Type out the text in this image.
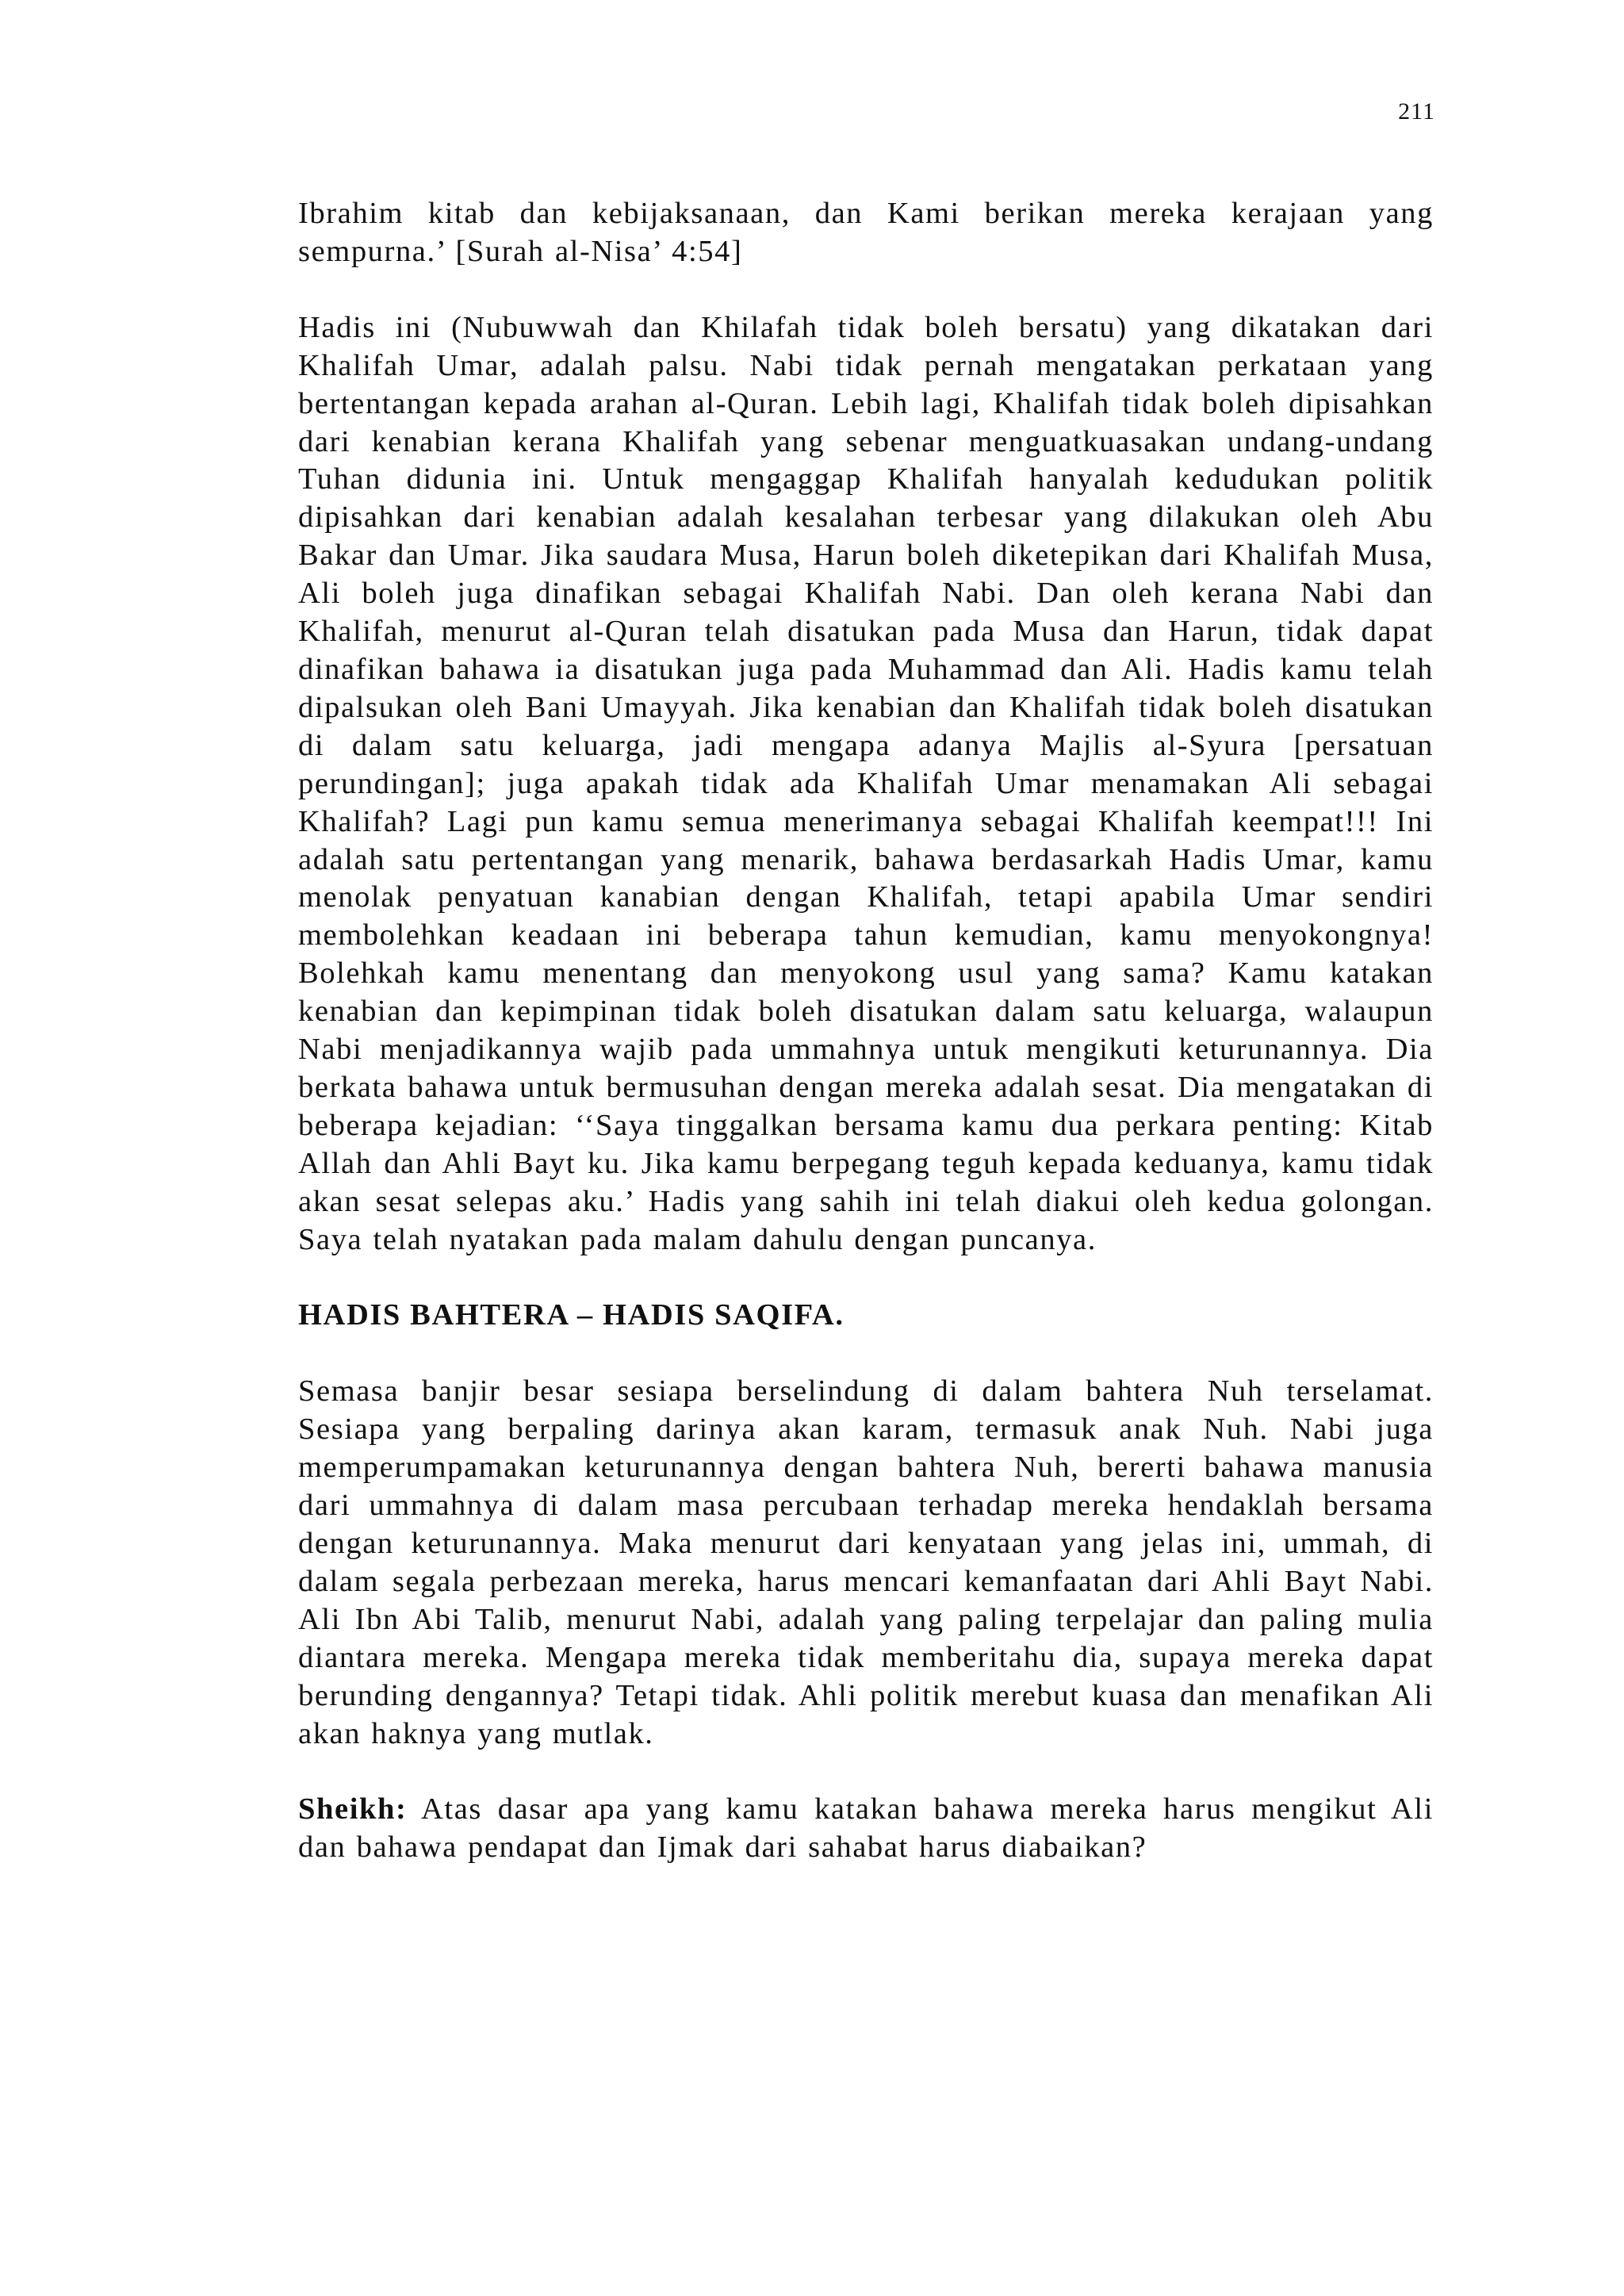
211

Ibrahim kitab dan kebijaksanaan, dan Kami berikan mereka kerajaan yang sempurna.’ [Surah al-Nisa’ 4:54]

Hadis ini (Nubuwwah dan Khilafah tidak boleh bersatu) yang dikatakan dari Khalifah Umar, adalah palsu. Nabi tidak pernah mengatakan perkataan yang bertentangan kepada arahan al-Quran. Lebih lagi, Khalifah tidak boleh dipisahkan dari kenabian kerana Khalifah yang sebenar menguatkuasakan undang-undang Tuhan didunia ini. Untuk mengaggap Khalifah hanyalah kedudukan politik dipisahkan dari kenabian adalah kesalahan terbesar yang dilakukan oleh Abu Bakar dan Umar. Jika saudara Musa, Harun boleh diketepikan dari Khalifah Musa, Ali boleh juga dinafikan sebagai Khalifah Nabi. Dan oleh kerana Nabi dan Khalifah, menurut al-Quran telah disatukan pada Musa dan Harun, tidak dapat dinafikan bahawa ia disatukan juga pada Muhammad dan Ali. Hadis kamu telah dipalsukan oleh Bani Umayyah. Jika kenabian dan Khalifah tidak boleh disatukan di dalam satu keluarga, jadi mengapa adanya Majlis al-Syura [persatuan perundingan]; juga apakah tidak ada Khalifah Umar menamakan Ali sebagai Khalifah? Lagi pun kamu semua menerimanya sebagai Khalifah keempat!!! Ini adalah satu pertentangan yang menarik, bahawa berdasarkah Hadis Umar, kamu menolak penyatuan kanabian dengan Khalifah, tetapi apabila Umar sendiri membolehkan keadaan ini beberapa tahun kemudian, kamu menyokongnya! Bolehkah kamu menentang dan menyokong usul yang sama? Kamu katakan kenabian dan kepimpinan tidak boleh disatukan dalam satu keluarga, walaupun Nabi menjadikannya wajib pada ummahnya untuk mengikuti keturunannya. Dia berkata bahawa untuk bermusuhan dengan mereka adalah sesat. Dia mengatakan di beberapa kejadian: ‘‘Saya tinggalkan bersama kamu dua perkara penting: Kitab Allah dan Ahli Bayt ku. Jika kamu berpegang teguh kepada keduanya, kamu tidak akan sesat selepas aku.’ Hadis yang sahih ini telah diakui oleh kedua golongan. Saya telah nyatakan pada malam dahulu dengan puncanya.

HADIS BAHTERA – HADIS SAQIFA.

Semasa banjir besar sesiapa berselindung di dalam bahtera Nuh terselamat. Sesiapa yang berpaling darinya akan karam, termasuk anak Nuh. Nabi juga memperumpamakan keturunannya dengan bahtera Nuh, bererti bahawa manusia dari ummahnya di dalam masa percubaan terhadap mereka hendaklah bersama dengan keturunannya. Maka menurut dari kenyataan yang jelas ini, ummah, di dalam segala perbezaan mereka, harus mencari kemanfaatan dari Ahli Bayt Nabi. Ali Ibn Abi Talib, menurut Nabi, adalah yang paling terpelajar dan paling mulia diantara mereka. Mengapa mereka tidak memberitahu dia, supaya mereka dapat berunding dengannya? Tetapi tidak. Ahli politik merebut kuasa dan menafikan Ali akan haknya yang mutlak.

Sheikh: Atas dasar apa yang kamu katakan bahawa mereka harus mengikut Ali dan bahawa pendapat dan Ijmak dari sahabat harus diabaikan?
